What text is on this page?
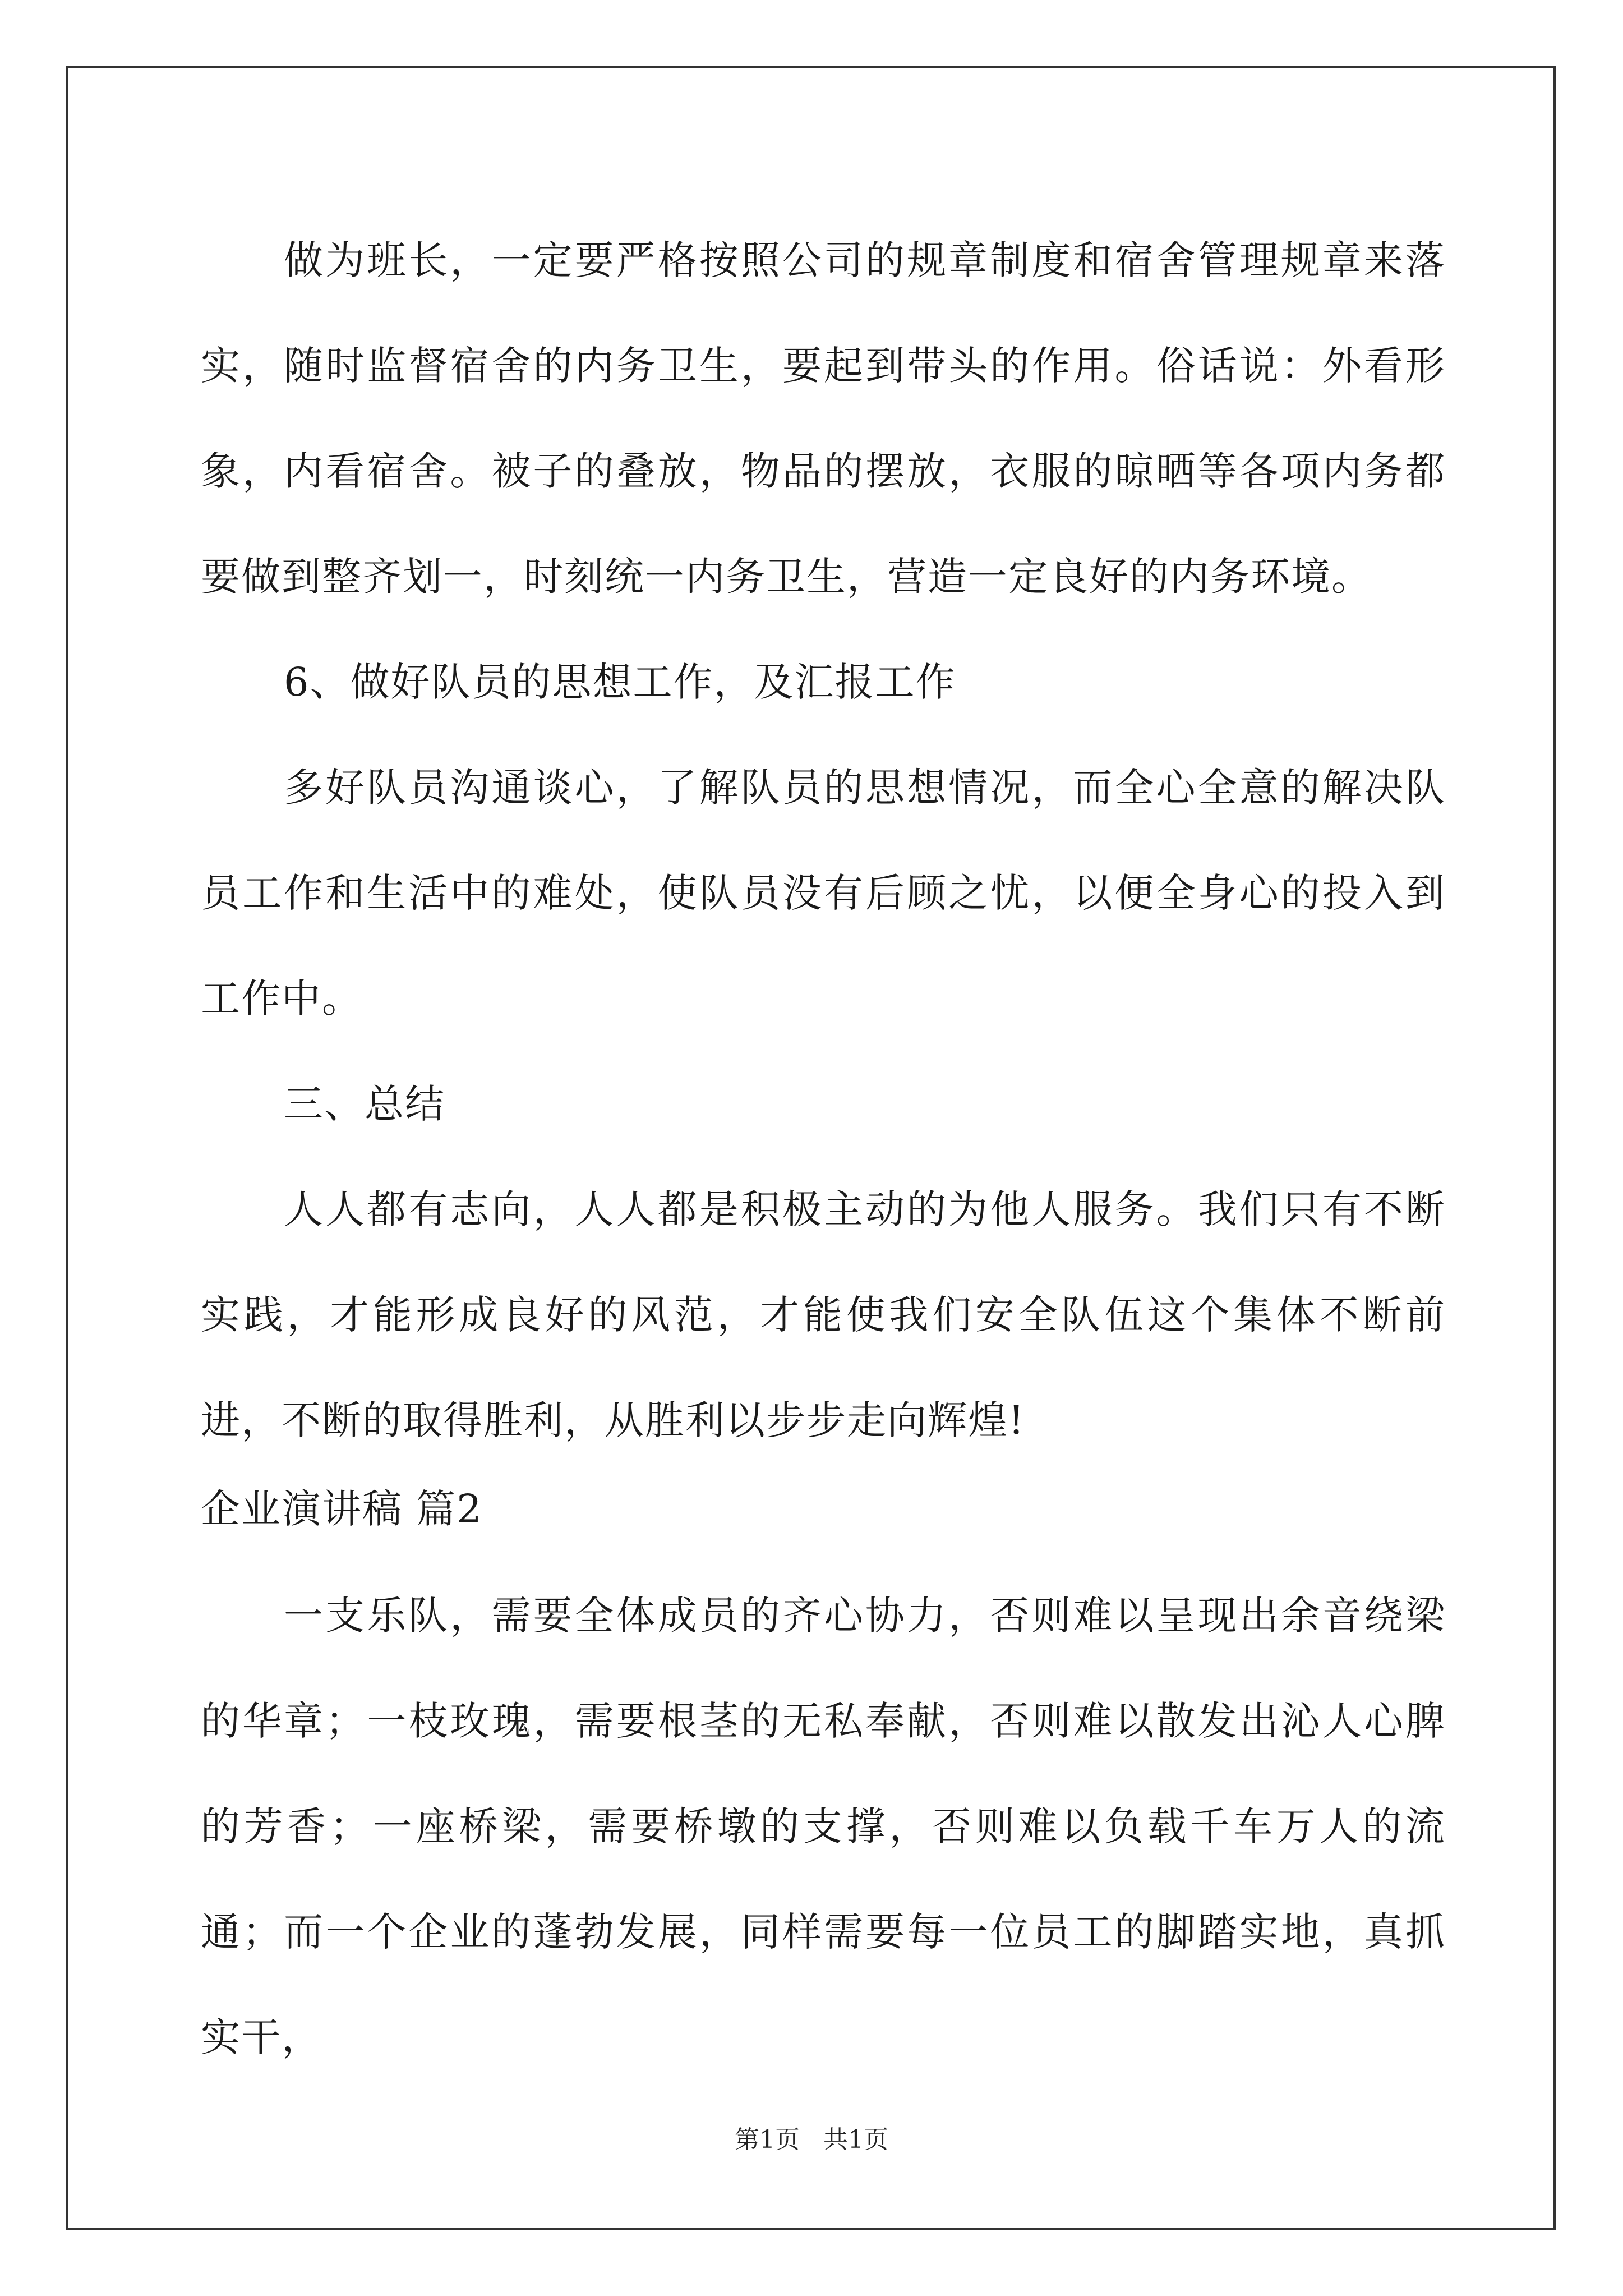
做为班长，一定要严格按照公司的规章制度和宿舍管理规章来落实，随时监督宿舍的内务卫生，要起到带头的作用。俗话说：外看形象，内看宿舍。被子的叠放，物品的摆放，衣服的晾晒等各项内务都要做到整齐划一，时刻统一内务卫生，营造一定良好的内务环境。

6、做好队员的思想工作，及汇报工作

多好队员沟通谈心，了解队员的思想情况，而全心全意的解决队员工作和生活中的难处，使队员没有后顾之忧，以便全身心的投入到工作中。

三、总结

人人都有志向，人人都是积极主动的为他人服务。我们只有不断实践，才能形成良好的风范，才能使我们安全队伍这个集体不断前进，不断的取得胜利，从胜利以步步走向辉煌!

企业演讲稿 篇2

一支乐队，需要全体成员的齐心协力，否则难以呈现出余音绕梁的华章；一枝玫瑰，需要根茎的无私奉献，否则难以散发出沁人心脾的芳香；一座桥梁，需要桥墩的支撑，否则难以负载千车万人的流通；而一个企业的蓬勃发展，同样需要每一位员工的脚踏实地，真抓实干，

第1页   共1页
